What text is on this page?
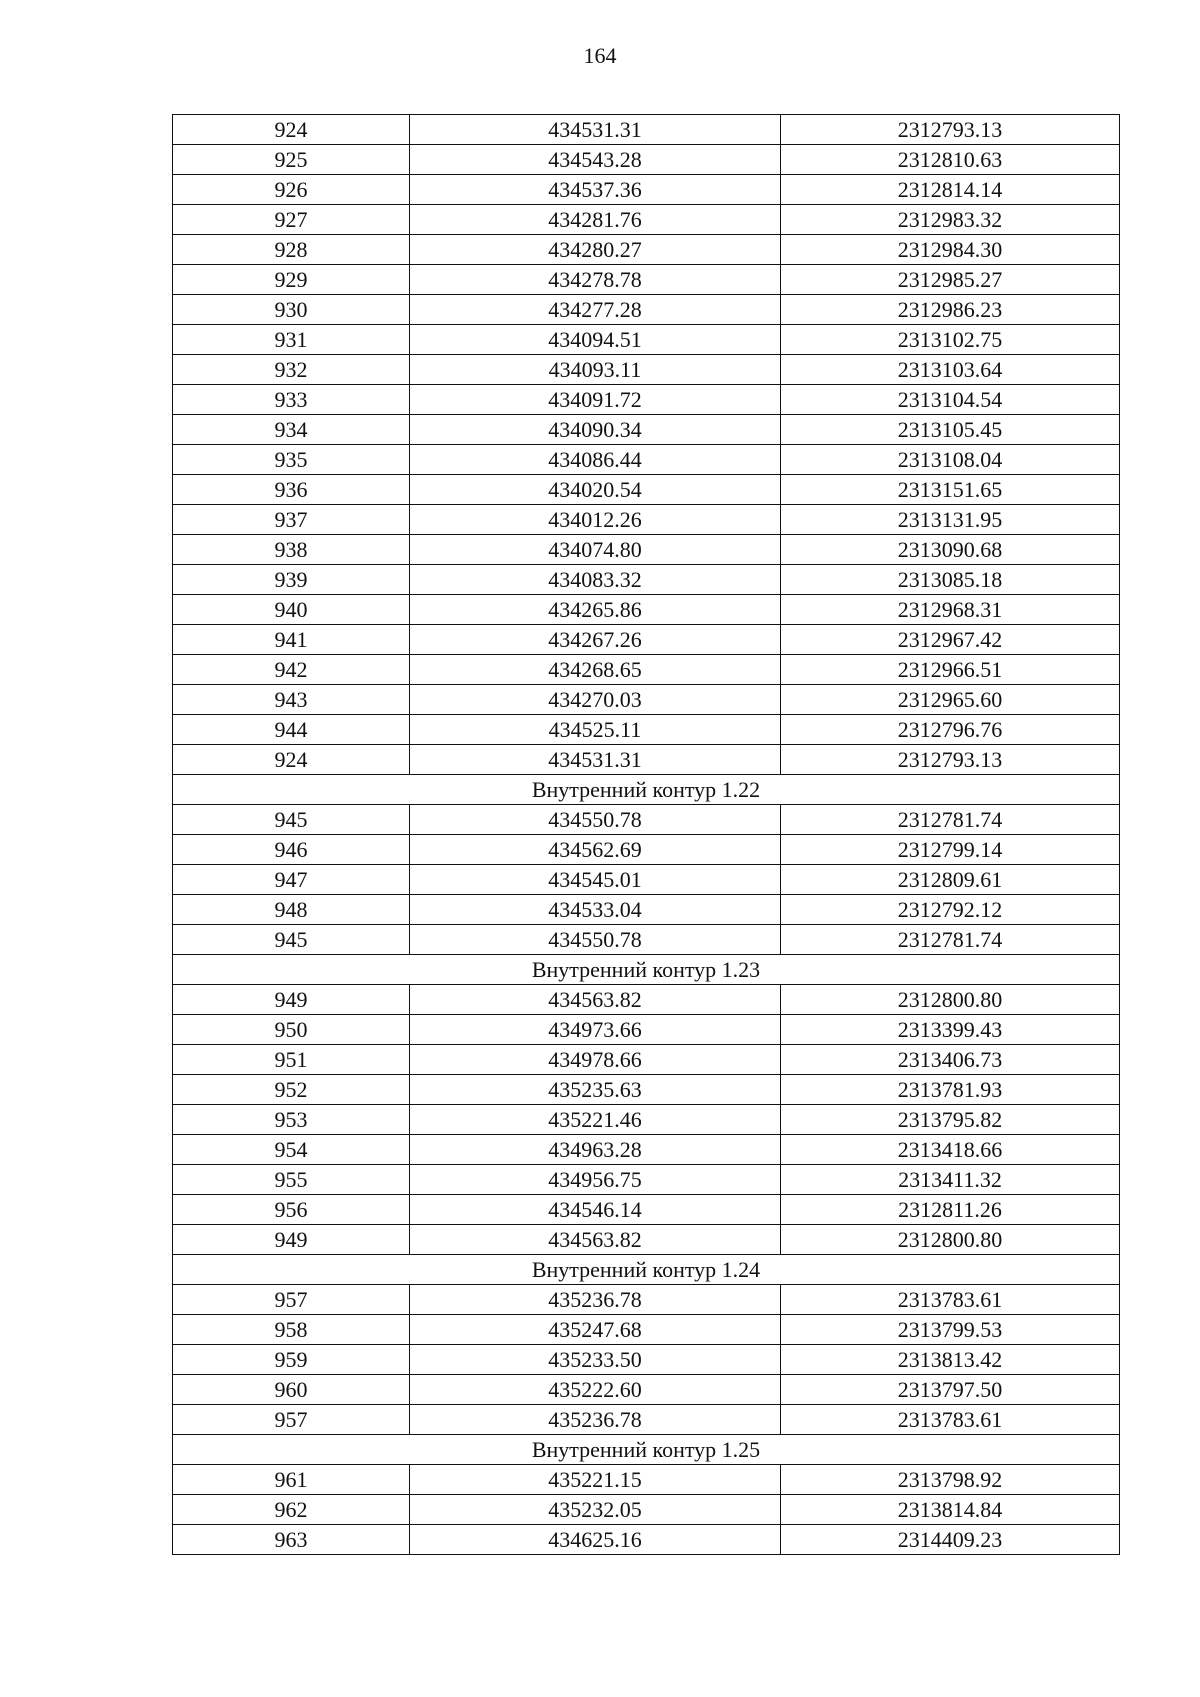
164
924	434531.31	2312793.13
925	434543.28	2312810.63
926	434537.36	2312814.14
927	434281.76	2312983.32
928	434280.27	2312984.30
929	434278.78	2312985.27
930	434277.28	2312986.23
931	434094.51	2313102.75
932	434093.11	2313103.64
933	434091.72	2313104.54
934	434090.34	2313105.45
935	434086.44	2313108.04
936	434020.54	2313151.65
937	434012.26	2313131.95
938	434074.80	2313090.68
939	434083.32	2313085.18
940	434265.86	2312968.31
941	434267.26	2312967.42
942	434268.65	2312966.51
943	434270.03	2312965.60
944	434525.11	2312796.76
924	434531.31	2312793.13
Внутренний контур 1.22		
945	434550.78	2312781.74
946	434562.69	2312799.14
947	434545.01	2312809.61
948	434533.04	2312792.12
945	434550.78	2312781.74
Внутренний контур 1.23		
949	434563.82	2312800.80
950	434973.66	2313399.43
951	434978.66	2313406.73
952	435235.63	2313781.93
953	435221.46	2313795.82
954	434963.28	2313418.66
955	434956.75	2313411.32
956	434546.14	2312811.26
949	434563.82	2312800.80
Внутренний контур 1.24		
957	435236.78	2313783.61
958	435247.68	2313799.53
959	435233.50	2313813.42
960	435222.60	2313797.50
957	435236.78	2313783.61
Внутренний контур 1.25		
961	435221.15	2313798.92
962	435232.05	2313814.84
963	434625.16	2314409.23
